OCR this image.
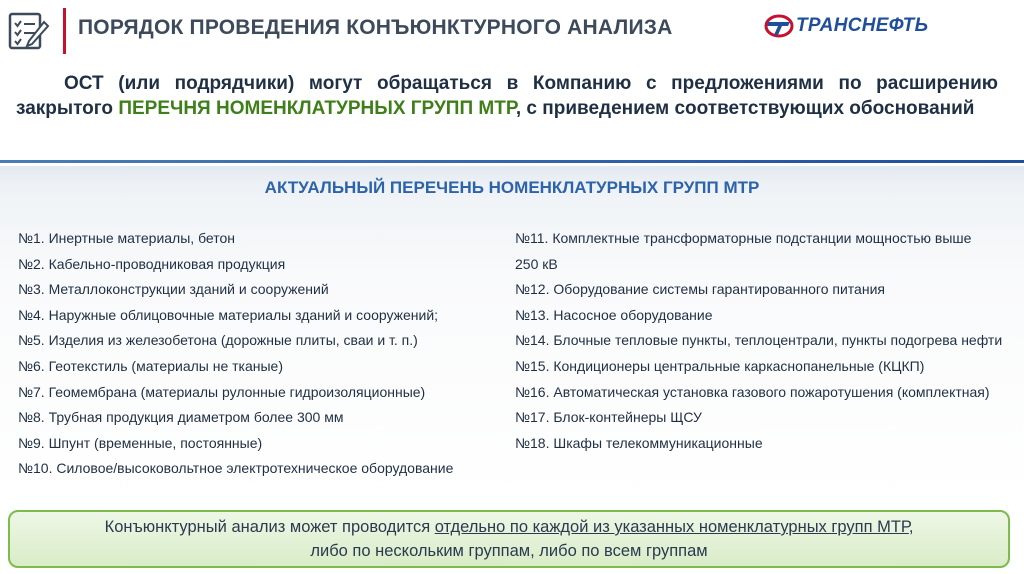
ПОРЯДОК ПРОВЕДЕНИЯ КОНЪЮНКТУРНОГО АНАЛИЗА	ТРАНСНЕФТЬ
ОСТ (или подрядчики) могут обращаться в Компанию с предложениями по расширению закрытого ПЕРЕЧНЯ НОМЕНКЛАТУРНЫХ ГРУПП МТР, с приведением соответствующих обоснований
АКТУАЛЬНЫЙ ПЕРЕЧЕНЬ НОМЕНКЛАТУРНЫХ ГРУПП МТР
№1. Инертные материалы, бетон
№2. Кабельно-проводниковая продукция
№3. Металлоконструкции зданий и сооружений
№4. Наружные облицовочные материалы зданий и сооружений;
№5. Изделия из железобетона (дорожные плиты, сваи и т. п.)
№6. Геотекстиль (материалы не тканые)
№7. Геомембрана (материалы рулонные гидроизоляционные)
№8. Трубная продукция диаметром более 300 мм
№9. Шпунт (временные, постоянные)
№10. Силовое/высоковольтное электротехническое оборудование
№11. Комплектные трансформаторные подстанции мощностью выше
250 кВ
№12. Оборудование системы гарантированного питания
№13. Насосное оборудование
№14. Блочные тепловые пункты, теплоцентрали, пункты подогрева нефти
№15. Кондиционеры центральные каркаснопанельные (КЦКП)
№16. Автоматическая установка газового пожаротушения (комплектная)
№17. Блок-контейнеры ЩСУ
№18. Шкафы телекоммуникационные
Конъюнктурный анализ может проводится отдельно по каждой из указанных номенклатурных групп МТР,
либо по нескольким группам, либо по всем группам
